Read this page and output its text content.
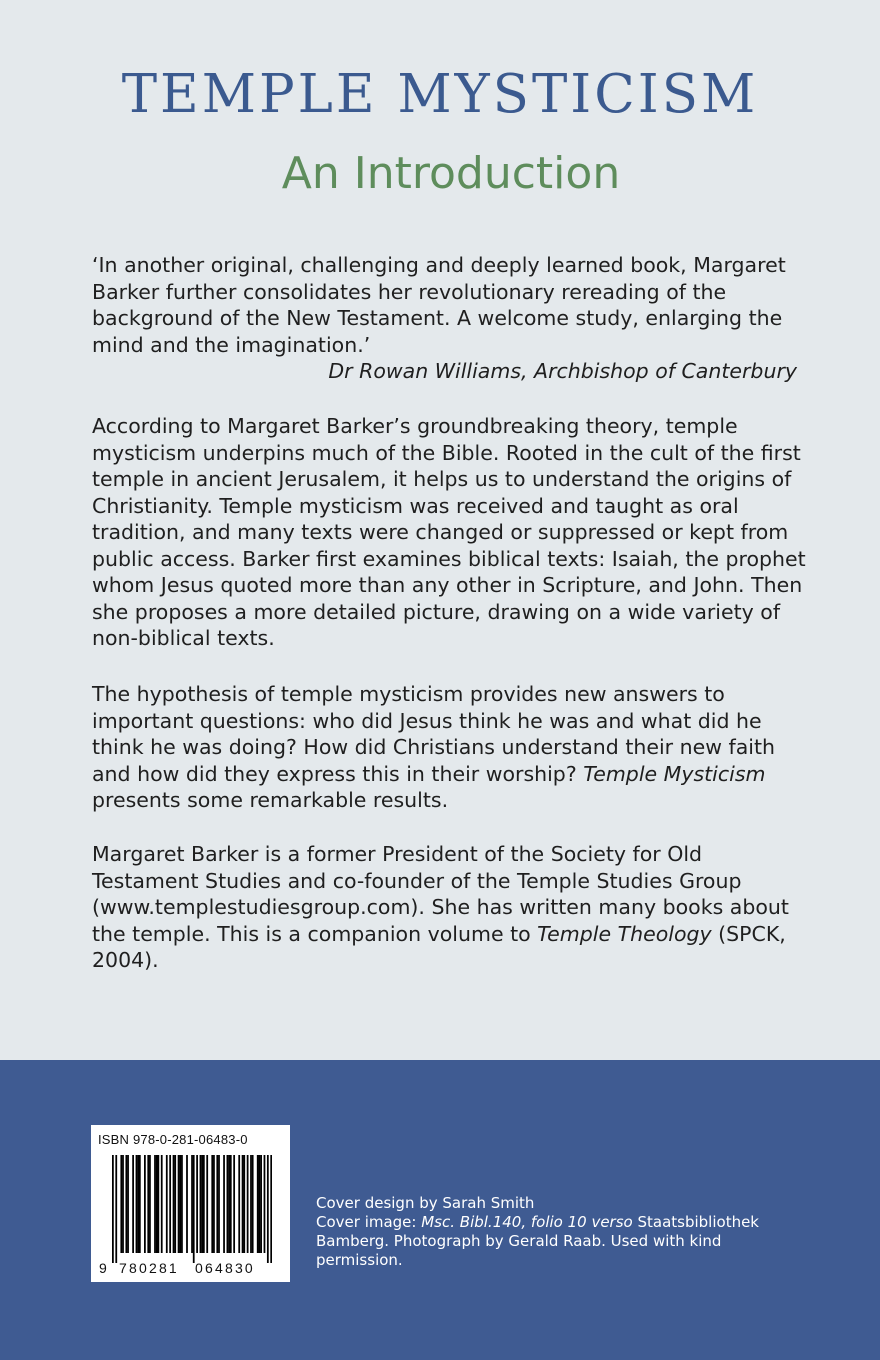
TEMPLE MYSTICISM
An Introduction
‘In another original, challenging and deeply learned book, Margaret Barker further consolidates her revolutionary rereading of the background of the New Testament. A welcome study, enlarging the mind and the imagination.’
Dr Rowan Williams, Archbishop of Canterbury

According to Margaret Barker’s groundbreaking theory, temple mysticism underpins much of the Bible. Rooted in the cult of the first temple in ancient Jerusalem, it helps us to understand the origins of Christianity. Temple mysticism was received and taught as oral tradition, and many texts were changed or suppressed or kept from public access. Barker first examines biblical texts: Isaiah, the prophet whom Jesus quoted more than any other in Scripture, and John. Then she proposes a more detailed picture, drawing on a wide variety of non-biblical texts.

The hypothesis of temple mysticism provides new answers to important questions: who did Jesus think he was and what did he think he was doing? How did Christians understand their new faith and how did they express this in their worship? Temple Mysticism presents some remarkable results.

Margaret Barker is a former President of the Society for Old Testament Studies and co-founder of the Temple Studies Group (www.templestudiesgroup.com). She has written many books about the temple. This is a companion volume to Temple Theology (SPCK, 2004).

ISBN 978-0-281-06483-0
9 780281 064830

Cover design by Sarah Smith

Cover image: Msc. Bibl.140, folio 10 verso Staatsbibliothek Bamberg. Photograph by Gerald Raab. Used with kind permission.
